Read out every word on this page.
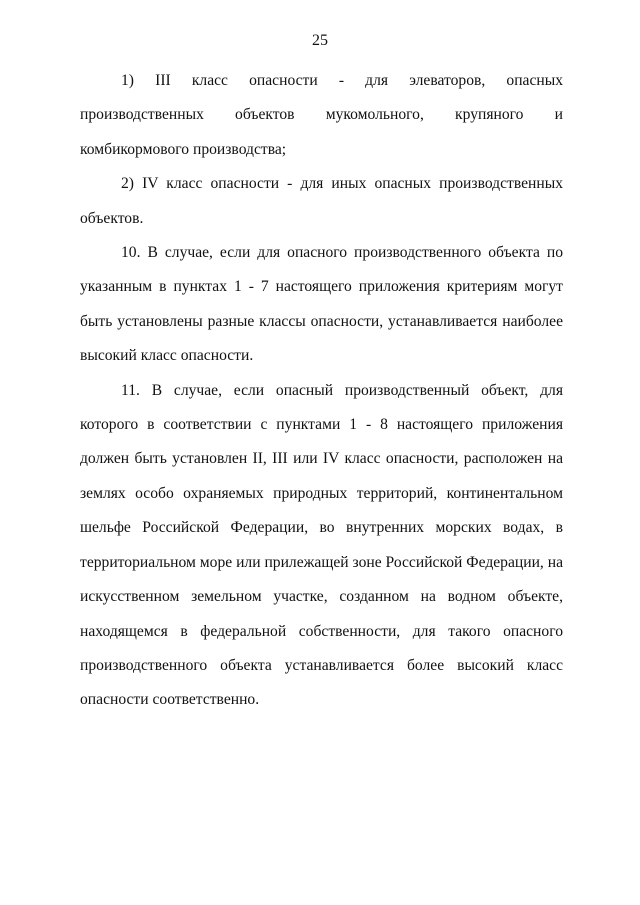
25

1) III класс опасности - для элеваторов, опасных производственных объектов мукомольного, крупяного и комбикормового производства;

2) IV класс опасности - для иных опасных производственных объектов.

10. В случае, если для опасного производственного объекта по указанным в пунктах 1 - 7 настоящего приложения критериям могут быть установлены разные классы опасности, устанавливается наиболее высокий класс опасности.

11. В случае, если опасный производственный объект, для которого в соответствии с пунктами 1 - 8 настоящего приложения должен быть установлен II, III или IV класс опасности, расположен на землях особо охраняемых природных территорий, континентальном шельфе Российской Федерации, во внутренних морских водах, в территориальном море или прилежащей зоне Российской Федерации, на искусственном земельном участке, созданном на водном объекте, находящемся в федеральной собственности, для такого опасного производственного объекта устанавливается более высокий класс опасности соответственно.
